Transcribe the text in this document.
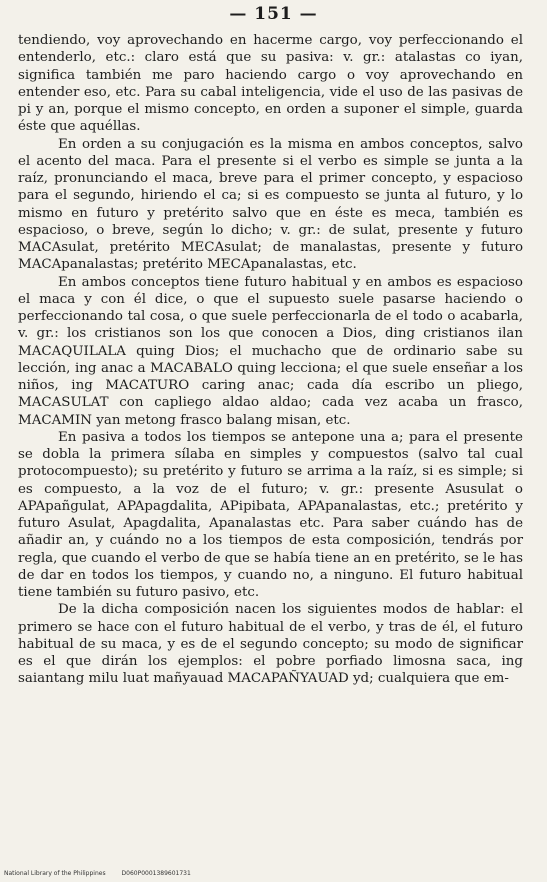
— 151 —

tendiendo, voy aprovechando en hacerme cargo, voy perfeccionando el entenderlo, etc.: claro está que su pasiva: v. gr.: atalastas co iyan, significa también me paro haciendo cargo o voy aprovechando en entender eso, etc. Para su cabal inteligencia, vide el uso de las pasivas de pi y an, porque el mismo concepto, en orden a suponer el simple, guarda éste que aquéllas.

En orden a su conjugación es la misma en ambos conceptos, salvo el acento del maca. Para el presente si el verbo es simple se junta a la raíz, pronunciando el maca, breve para el primer concepto, y espacioso para el segundo, hiriendo el ca; si es compuesto se junta al futuro, y lo mismo en futuro y pretérito salvo que en éste es meca, también es espacioso, o breve, según lo dicho; v. gr.: de sulat, presente y futuro MACAsulat, pretérito MECAsulat; de manalastas, presente y futuro MACApanalastas; pretérito MECApanalastas, etc.

En ambos conceptos tiene futuro habitual y en ambos es espacioso el maca y con él dice, o que el supuesto suele pasarse haciendo o perfeccionando tal cosa, o que suele perfeccionarla de el todo o acabarla, v. gr.: los cristianos son los que conocen a Dios, ding cristianos ilan MACAQUILALA quing Dios; el muchacho que de ordinario sabe su lección, ing anac a MACABALO quing lecciona; el que suele enseñar a los niños, ing MACATURO caring anac; cada día escribo un pliego, MACASULAT con capliego aldao aldao; cada vez acaba un frasco, MACAMIN yan metong frasco balang misan, etc.

En pasiva a todos los tiempos se antepone una a; para el presente se dobla la primera sílaba en simples y compuestos (salvo tal cual protocompuesto); su pretérito y futuro se arrima a la raíz, si es simple; si es compuesto, a la voz de el futuro; v. gr.: presente Asusulat o APApañgulat, APApagdalita, APipibata, APApanalastas, etc.; pretérito y futuro Asulat, Apagdalita, Apanalastas etc. Para saber cuándo has de añadir an, y cuándo no a los tiempos de esta composición, tendrás por regla, que cuando el verbo de que se había tiene an en pretérito, se le has de dar en todos los tiempos, y cuando no, a ninguno. El futuro habitual tiene también su futuro pasivo, etc.

De la dicha composición nacen los siguientes modos de hablar: el primero se hace con el futuro habitual de el verbo, y tras de él, el futuro habitual de su maca, y es de el segundo concepto; su modo de significar es el que dirán los ejemplos: el pobre porfiado limosna saca, ing saiantang milu luat mañyauad MACAPAÑYAUAD yd; cualquiera que em-

National Library of the Philippines	D060P0001389601731
